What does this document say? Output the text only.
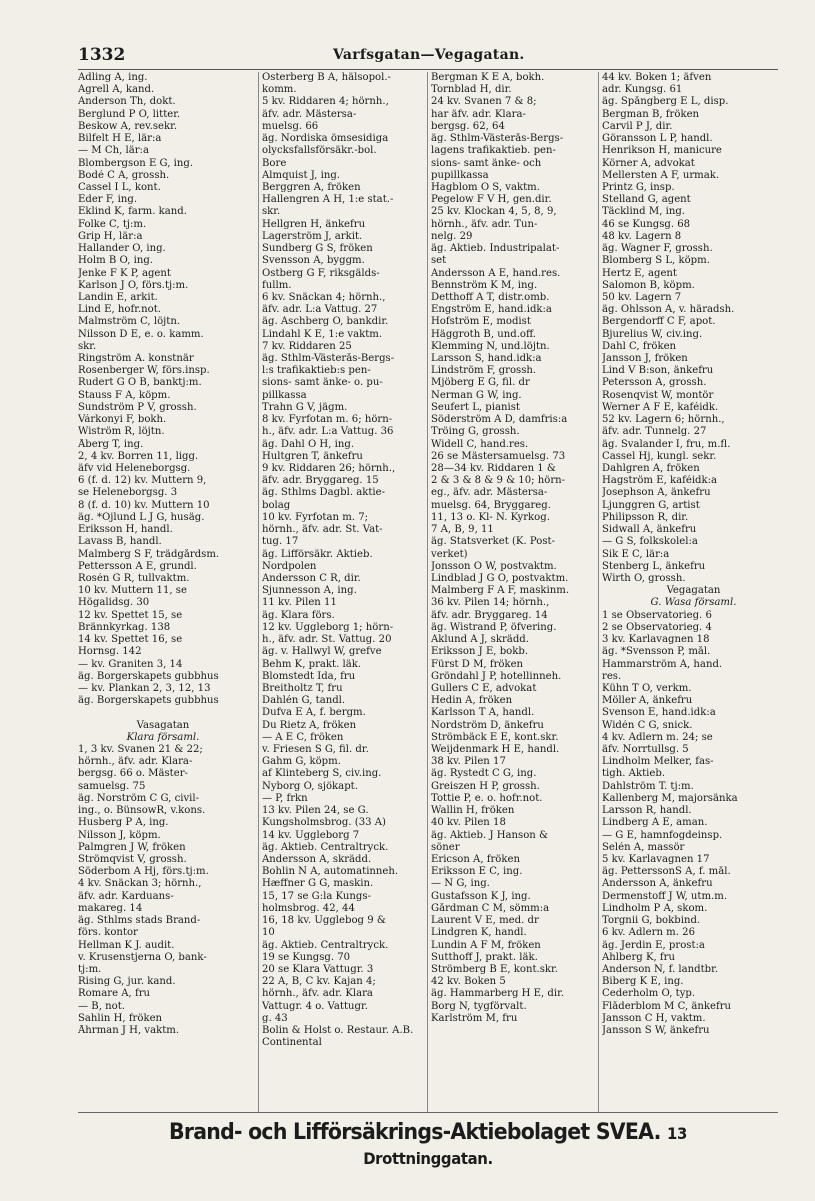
1332	Varfsgatan—Vegagatan.
Adling A, ing.
Agrell A, kand.
Anderson Th, dokt.
Berglund P O, litter.
Beskow A, rev.sekr.
Bilfelt H E, lär:a
— M Ch, lär:a
Blombergson E G, ing.
Bodé C A, grossh.
Cassel I L, kont.
Eder F, ing.
Eklind K, farm. kand.
Folke C, tj:m.
Grip H, lär:a
Hallander O, ing.
Holm B O, ing.
Jenke F K P, agent
Karlson J O, förs.tj:m.
Landin E, arkit.
Lind E, hofr.not.
Malmström C, löjtn.
Nilsson D E, e. o. kamm.
skr.
Ringström A. konstnär
Rosenberger W, förs.insp.
Rudert G O B, banktj:m.
Stauss F A, köpm.
Sundström P V, grossh.
Várkonyi F, bokh.
Wiström R, löjtn.
Åberg T, ing.
2, 4 kv. Borren 11, ligg.
äfv vid Heleneborgsg.
6 (f. d. 12) kv. Muttern 9,
se Heleneborgsg. 3
8 (f. d. 10) kv. Muttern 10
äg. *Öjlund L J G, husäg.
Eriksson H, handl.
Lavass B, handl.
Malmberg S F, trädgårdsm.
Pettersson A E, grundl.
Rosén G R, tullvaktm.
10 kv. Muttern 11, se
Högalidsg. 30
12 kv. Spettet 15, se
Brännkyrkag. 138
14 kv. Spettet 16, se
Hornsg. 142
— kv. Graniten 3, 14
äg. Borgerskapets gubbhus
— kv. Plankan 2, 3, 12, 13
äg. Borgerskapets gubbhus
Vasagatan
Klara församl.
1, 3 kv. Svanen 21 & 22;
hörnh., äfv. adr. Klara-
bergsg. 66 o. Mäster-
samuelsg. 75
äg. Norström C G, civil-
ing., o. BünsowR, v.kons.
Husberg P A, ing.
Nilsson J, köpm.
Palmgren J W, fröken
Strömqvist V, grossh.
Söderbom A Hj, förs.tj:m.
4 kv. Snäckan 3; hörnh.,
äfv. adr. Karduans-
makareg. 14
äg. Sthlms stads Brand-
förs. kontor
Hellman K J. audit.
v. Krusenstjerna O, bank-
tj:m.
Rising G, jur. kand.
Romare A, fru
— B, not.
Sahlin H, fröken
Åhrman J H, vaktm.
Österberg B A, hälsopol.-
komm.
5 kv. Riddaren 4; hörnh.,
äfv. adr. Mästersa-
muelsg. 66
äg. Nordiska ömsesidiga
olycksfallsförsäkr.-bol.
Bore
Almquist J, ing.
Berggren A, fröken
Hallengren A H, 1:e stat.-
skr.
Hellgren H, änkefru
Lagerström J, arkit.
Sundberg G S, fröken
Svensson A, byggm.
Östberg G F, riksgälds-
fullm.
6 kv. Snäckan 4; hörnh.,
äfv. adr. L:a Vattug. 27
äg. Aschberg O, bankdir.
Lindahl K E, 1:e vaktm.
7 kv. Riddaren 25
äg. Sthlm-Västerås-Bergs-
l:s trafikaktieb:s pen-
sions- samt änke- o. pu-
pillkassa
Trahn G V, jägm.
8 kv. Fyrfotan m. 6; hörn-
h., äfv. adr. L:a Vattug. 36
äg. Dahl O H, ing.
Hultgren T, änkefru
9 kv. Riddaren 26; hörnh.,
äfv. adr. Bryggareg. 15
äg. Sthlms Dagbl. aktie-
bolag
10 kv. Fyrfotan m. 7;
hörnh., äfv. adr. St. Vat-
tug. 17
äg. Lifförsäkr. Aktieb.
Nordpolen
Andersson C R, dir.
Sjunnesson A, ing.
11 kv. Pilen 11
äg. Klara förs.
12 kv. Uggleborg 1; hörn-
h., äfv. adr. St. Vattug. 20
äg. v. Hallwyl W, grefve
Behm K, prakt. läk.
Blomstedt Ida, fru
Breitholtz T, fru
Dahlén G, tandl.
Dufva E A, f. bergm.
Du Rietz A, fröken
— A E C, fröken
v. Friesen S G, fil. dr.
Gahm G, köpm.
af Klinteberg S, civ.ing.
Nyborg O, sjökapt.
— P, frkn
13 kv. Pilen 24, se G.
Kungsholmsbrog. (33 A)
14 kv. Uggleborg 7
äg. Aktieb. Centraltryck.
Andersson A, skrädd.
Bohlin N A, automatinneh.
Hæffner G G, maskin.
15, 17 se G:la Kungs-
holmsbrog. 42, 44
16, 18 kv. Ugglebog 9 &
10
äg. Aktieb. Centraltryck.
19 se Kungsg. 70
20 se Klara Vattugr. 3
22 A, B, C kv. Kajan 4;
hörnh., äfv. adr. Klara
Vattugr. 4 o. Vattugr.
g. 43
Bolin & Holst o. Restaur. A.B.
Continental
Bergman K E A, bokh.
Tornblad H, dir.
24 kv. Svanen 7 & 8;
har äfv. adr. Klara-
bergsg. 62, 64
äg. Sthlm-Västerås-Bergs-
lagens trafikaktieb. pen-
sions- samt änke- och
pupillkassa
Hagblom O S, vaktm.
Pegelow F V H, gen.dir.
25 kv. Klockan 4, 5, 8, 9,
hörnh., äfv. adr. Tun-
nelg. 29
äg. Aktieb. Industripalat-
set
Andersson A E, hand.res.
Bennström K M, ing.
Detthoff A T, distr.omb.
Engström E, hand.idk:a
Hofström E, modist
Häggroth B, und.off.
Klemming N, und.löjtn.
Larsson S, hand.idk:a
Lindström F, grossh.
Mjöberg E G, fil. dr
Nerman G W, ing.
Seufert L, pianist
Söderström A D, damfris:a
Tröing G, grossh.
Widell C, hand.res.
26 se Mästersamuelsg. 73
28—34 kv. Riddaren 1 &
2 & 3 & 8 & 9 & 10; hörn-
eg., äfv. adr. Mästersa-
muelsg. 64, Bryggareg.
11, 13 o. Kl- N. Kyrkog.
7 A, B, 9, 11
äg. Statsverket (K. Post-
verket)
Jonsson O W, postvaktm.
Lindblad J G O, postvaktm.
Malmberg F A F, maskinm.
36 kv. Pilen 14; hörnh.,
äfv. adr. Bryggareg. 14
äg. Wistrand P, öfvering.
Aklund A J, skrädd.
Eriksson J E, bokb.
Fürst D M, fröken
Gröndahl J P, hotellinneh.
Gullers C E, advokat
Hedin A, fröken
Karlsson T A, handl.
Nordström D, änkefru
Strömbäck E E, kont.skr.
Weijdenmark H E, handl.
38 kv. Pilen 17
äg. Rystedt C G, ing.
Greiszen H P, grossh.
Tottie P, e. o. hofr.not.
Wallin H, fröken
40 kv. Pilen 18
äg. Aktieb. J Hanson &
söner
Ericson A, fröken
Eriksson E C, ing.
— N G, ing.
Gustafsson K J, ing.
Gårdman C M, sömm:a
Laurent V E, med. dr
Lindgren K, handl.
Lundin A F M, fröken
Sutthoff J, prakt. läk.
Strömberg B E, kont.skr.
42 kv. Boken 5
äg. Hammarberg H E, dir.
Borg N, tygförvalt.
Karlström M, fru
44 kv. Boken 1; äfven
adr. Kungsg. 61
äg. Spångberg E L, disp.
Bergman B, fröken
Carvil P J, dir.
Göransson L P, handl.
Henrikson H, manicure
Körner A, advokat
Mellersten A F, urmak.
Printz G, insp.
Stelland G, agent
Täcklind M, ing.
46 se Kungsg. 68
48 kv. Lagern 8
äg. Wagner F, grossh.
Blomberg S L, köpm.
Hertz E, agent
Salomon B, köpm.
50 kv. Lagern 7
äg. Ohlsson A, v. häradsh.
Bergendorff C F, apot.
Bjurelius W, civ.ing.
Dahl C, fröken
Jansson J, fröken
Lind V B:son, änkefru
Petersson A, grossh.
Rosenqvist W, montör
Werner A F E, kaféidk.
52 kv. Lagern 6; hörnh.,
äfv. adr. Tunnelg. 27
äg. Svalander I, fru, m.fl.
Cassel Hj, kungl. sekr.
Dahlgren A, fröken
Hagström E, kaféidk:a
Josephson A, änkefru
Ljunggren G, artist
Philipsson R, dir.
Sidwall A, änkefru
— G S, folkskolel:a
Sik E C, lär:a
Stenberg L, änkefru
Wirth O, grossh.
Vegagatan
G. Wasa församl.
1 se Observatorieg. 6
2 se Observatorieg. 4
3 kv. Karlavagnen 18
äg. *Svensson P, mål.
Hammarström A, hand.
res.
Kühn T O, verkm.
Möller A, änkefru
Svenson E, hand.idk:a
Widén C G, snick.
4 kv. Adlern m. 24; se
äfv. Norrtullsg. 5
Lindholm Melker, fas-
tigh. Aktieb.
Dahlström T. tj:m.
Kallenberg M, majorsänka
Larsson R, handl.
Lindberg A E, aman.
— G E, hamnfogdeinsp.
Selén A, massör
5 kv. Karlavagnen 17
äg. PetterssonS A, f. mål.
Andersson A, änkefru
Dermenstoff J W, utm.m.
Lindholm P A, skom.
Torgnii G, bokbind.
6 kv. Adlern m. 26
äg. Jerdin E, prost:a
Ahlberg K, fru
Anderson N, f. landtbr.
Biberg K E, ing.
Cederholm O, typ.
Flåderblom M C, änkefru
Jansson C H, vaktm.
Jansson S W, änkefru
Brand- och Lifförsäkrings-Aktiebolaget SVEA. 13 Drottninggatan.
